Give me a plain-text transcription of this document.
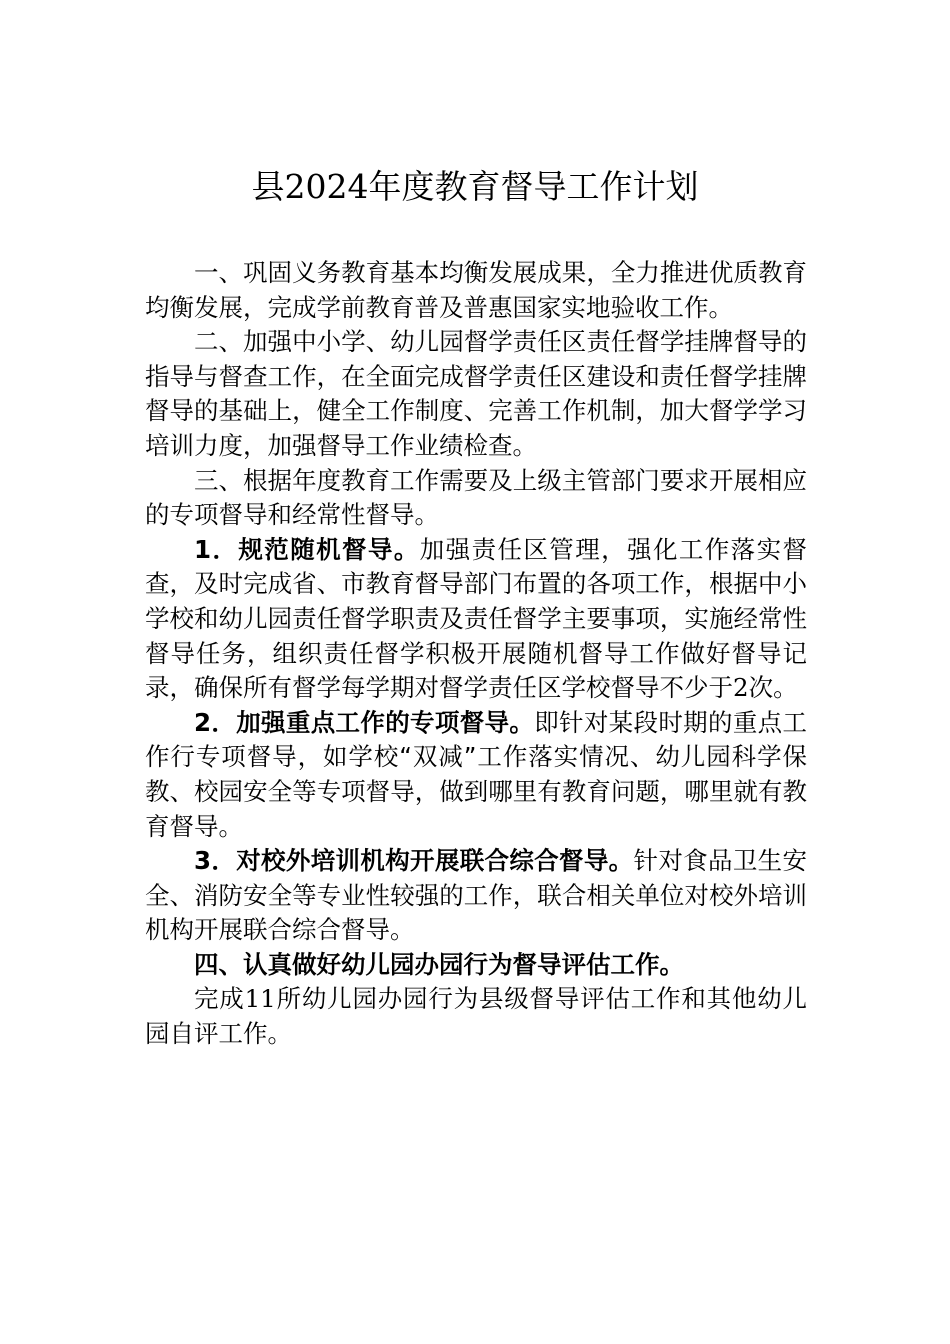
县2024年度教育督导工作计划

一、巩固义务教育基本均衡发展成果，全力推进优质教育均衡发展，完成学前教育普及普惠国家实地验收工作。

二、加强中小学、幼儿园督学责任区责任督学挂牌督导的指导与督查工作，在全面完成督学责任区建设和责任督学挂牌督导的基础上，健全工作制度、完善工作机制，加大督学学习培训力度，加强督导工作业绩检查。

三、根据年度教育工作需要及上级主管部门要求开展相应的专项督导和经常性督导。

1．规范随机督导。加强责任区管理，强化工作落实督查，及时完成省、市教育督导部门布置的各项工作，根据中小学校和幼儿园责任督学职责及责任督学主要事项，实施经常性督导任务，组织责任督学积极开展随机督导工作做好督导记录，确保所有督学每学期对督学责任区学校督导不少于2次。

2．加强重点工作的专项督导。即针对某段时期的重点工作行专项督导，如学校“双减”工作落实情况、幼儿园科学保教、校园安全等专项督导，做到哪里有教育问题，哪里就有教育督导。

3．对校外培训机构开展联合综合督导。针对食品卫生安全、消防安全等专业性较强的工作，联合相关单位对校外培训机构开展联合综合督导。

四、认真做好幼儿园办园行为督导评估工作。

完成11所幼儿园办园行为县级督导评估工作和其他幼儿园自评工作。
